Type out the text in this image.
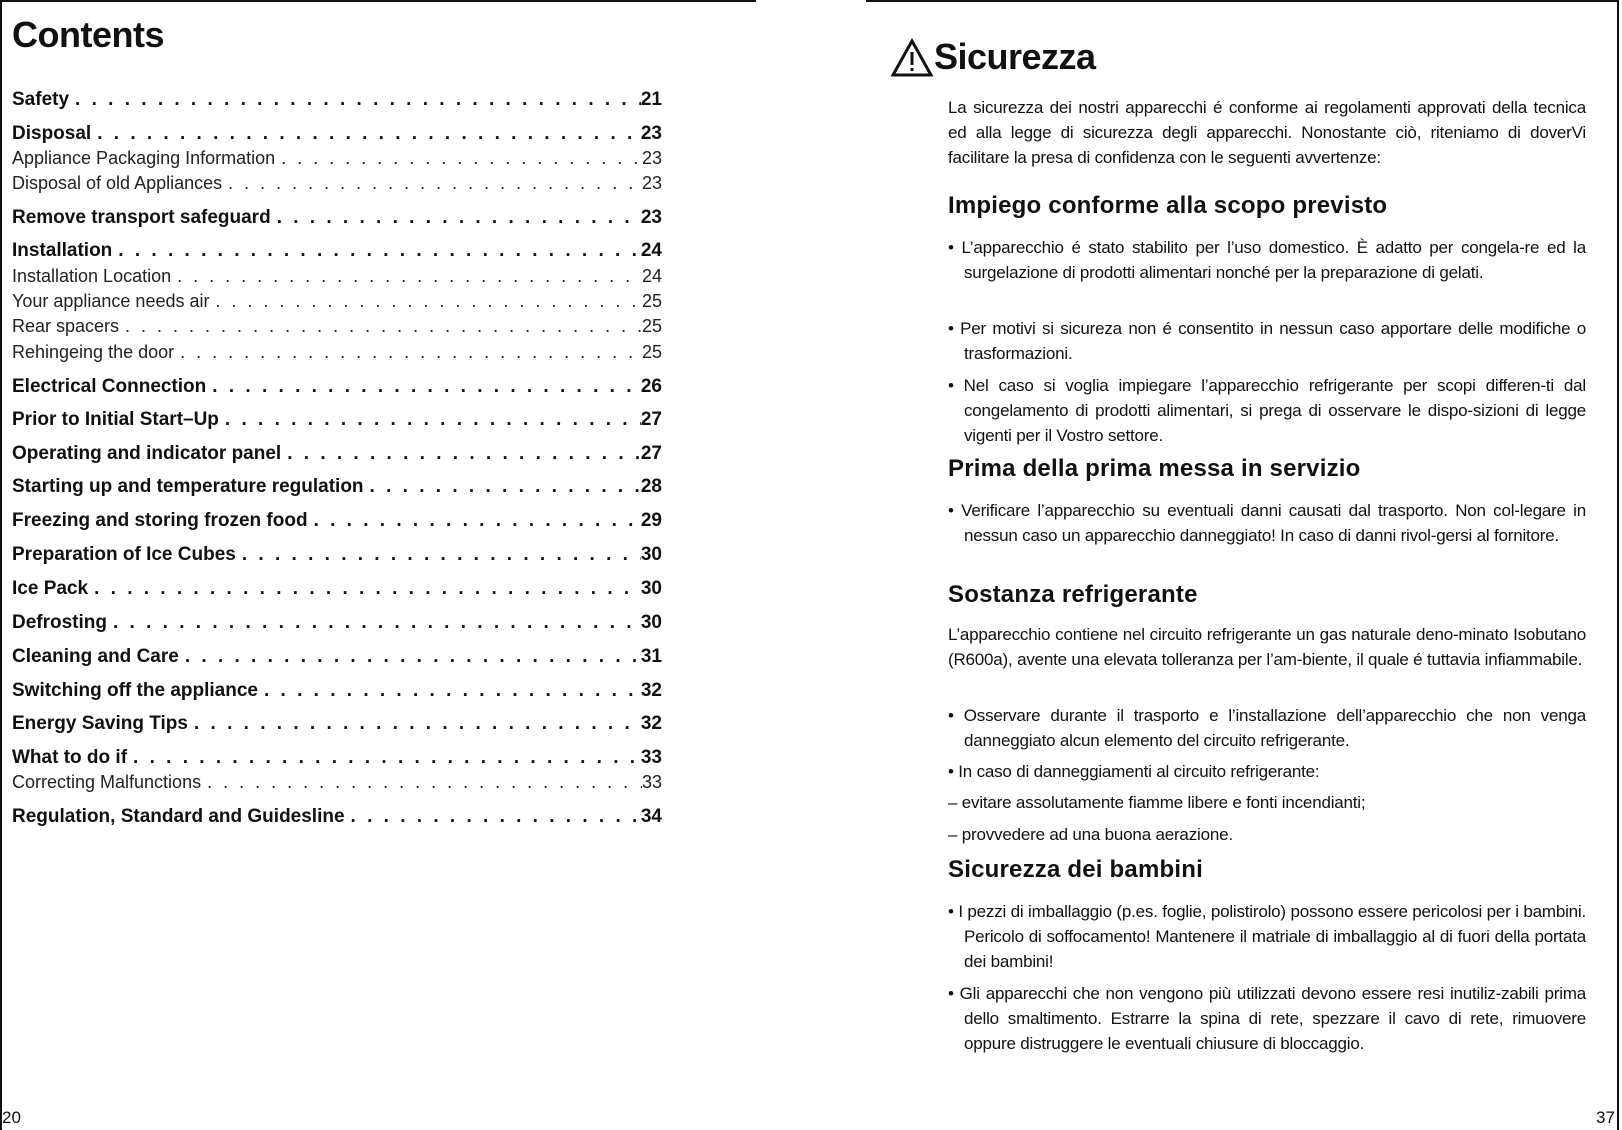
Contents
Safety . . .	21
Disposal . . .	23
Appliance Packaging Information . . .	23
Disposal of old Appliances . . .	23
Remove transport safeguard . . .	23
Installation . . .	24
Installation Location . . .	24
Your appliance needs air . . .	25
Rear spacers . . .	25
Rehingeing the door . . .	25
Electrical Connection . . .	26
Prior to Initial Start–Up . . .	27
Operating and indicator panel . . .	27
Starting up and temperature regulation . . .	28
Freezing and storing frozen food . . .	29
Preparation of Ice Cubes . . .	30
Ice Pack . . .	30
Defrosting . . .	30
Cleaning and Care . . .	31
Switching off the appliance . . .	32
Energy Saving Tips . . .	32
What to do if . . .	33
Correcting Malfunctions . . .	33
Regulation, Standard and Guidesline . . .	34
20
Sicurezza
La sicurezza dei nostri apparecchi é conforme ai regolamenti approvati della tecnica ed alla legge di sicurezza degli apparecchi. Nonostante ciò, riteniamo di doverVi facilitare la presa di confidenza con le seguenti avvertenze:
Impiego conforme alla scopo previsto
• L’apparecchio é stato stabilito per l’uso domestico. È adatto per congela-re ed la surgelazione di prodotti alimentari nonché per la preparazione di gelati.
• Per motivi si sicureza non é consentito in nessun caso apportare delle modifiche o trasformazioni.
• Nel caso si voglia impiegare l’apparecchio refrigerante per scopi differen-ti dal congelamento di prodotti alimentari, si prega di osservare le dispo-sizioni di legge vigenti per il Vostro settore.
Prima della prima messa in servizio
• Verificare l’apparecchio su eventuali danni causati dal trasporto. Non col-legare in nessun caso un apparecchio danneggiato! In caso di danni rivol-gersi al fornitore.
Sostanza refrigerante
L’apparecchio contiene nel circuito refrigerante un gas naturale deno-minato Isobutano (R600a), avente una elevata tolleranza per l’am-biente, il quale é tuttavia infiammabile.
• Osservare durante il trasporto e l’installazione dell’apparecchio che non venga danneggiato alcun elemento del circuito refrigerante.
• In caso di danneggiamenti al circuito refrigerante:
– evitare assolutamente fiamme libere e fonti incendianti;
– provvedere ad una buona aerazione.
Sicurezza dei bambini
• I pezzi di imballaggio (p.es. foglie, polistirolo) possono essere pericolosi per i bambini. Pericolo di soffocamento! Mantenere il matriale di imballaggio al di fuori della portata dei bambini!
• Gli apparecchi che non vengono più utilizzati devono essere resi inutiliz-zabili prima dello smaltimento. Estrarre la spina di rete, spezzare il cavo di rete, rimuovere oppure distruggere le eventuali chiusure di bloccaggio.
37
